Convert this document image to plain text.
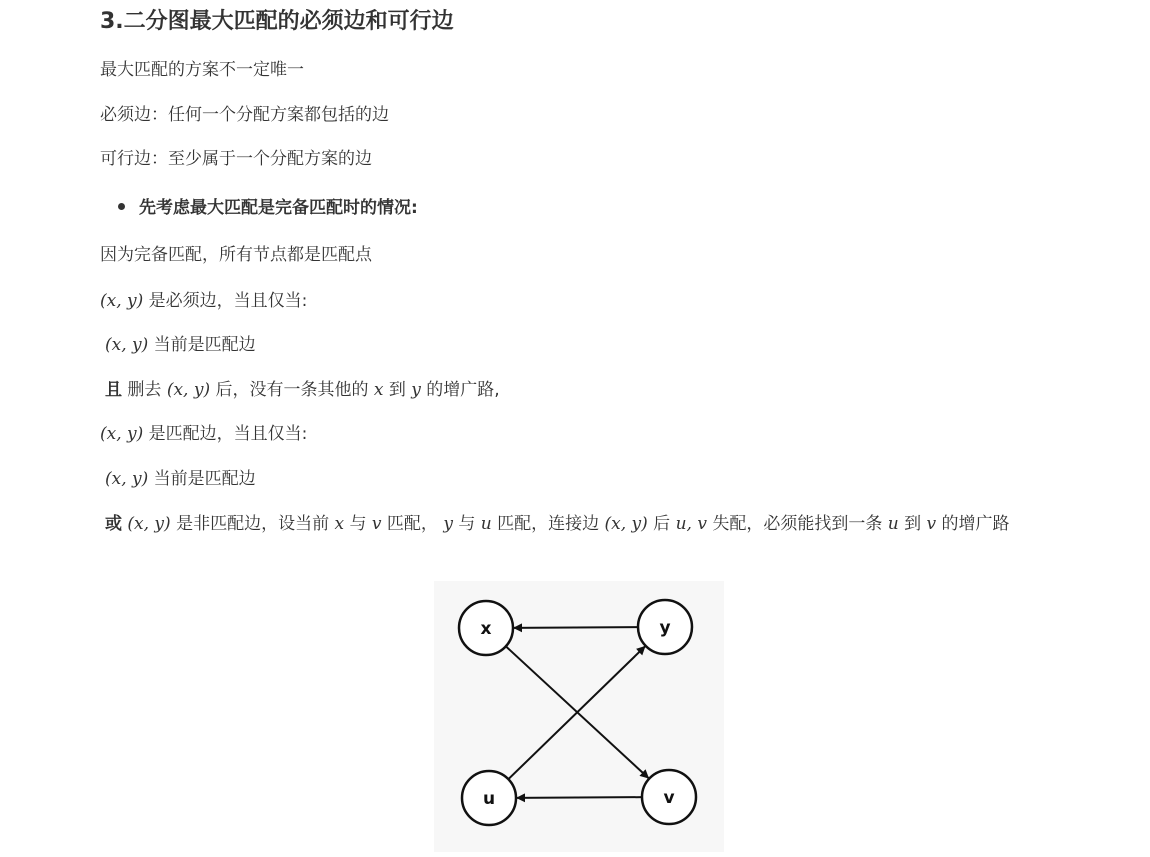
3.二分图最大匹配的必须边和可行边
最大匹配的方案不一定唯一
必须边：任何一个分配方案都包括的边
可行边：至少属于一个分配方案的边
先考虑最大匹配是完备匹配时的情况:
因为完备匹配，所有节点都是匹配点
(x, y) 是必须边，当且仅当:
(x, y) 当前是匹配边
且 删去 (x, y) 后，没有一条其他的 x 到 y 的增广路,
(x, y) 是匹配边，当且仅当:
(x, y) 当前是匹配边
或 (x, y) 是非匹配边，设当前 x 与 v 匹配， y 与 u 匹配，连接边 (x, y) 后 u, v 失配，必须能找到一条 u 到 v 的增广路
x	y
u	v
